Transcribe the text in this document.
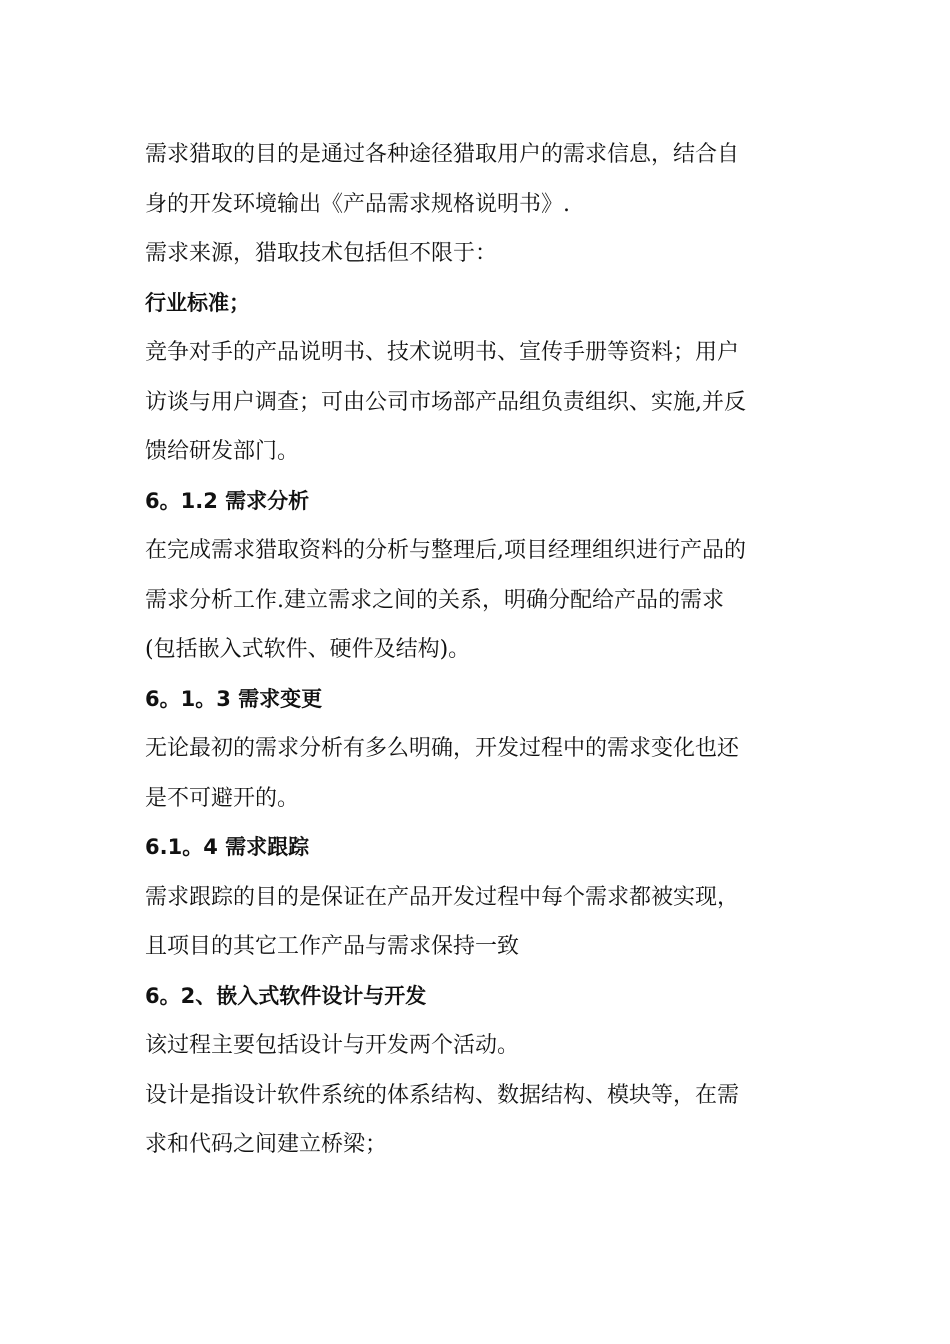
需求猎取的目的是通过各种途径猎取用户的需求信息，结合自
身的开发环境输出《产品需求规格说明书》.
需求来源，猎取技术包括但不限于：
行业标准；
竞争对手的产品说明书、技术说明书、宣传手册等资料；用户
访谈与用户调查；可由公司市场部产品组负责组织、实施,并反
馈给研发部门。
6。1.2 需求分析
在完成需求猎取资料的分析与整理后,项目经理组织进行产品的
需求分析工作.建立需求之间的关系，明确分配给产品的需求
(包括嵌入式软件、硬件及结构)。
6。1。3 需求变更
无论最初的需求分析有多么明确，开发过程中的需求变化也还
是不可避开的。
6.1。4 需求跟踪
需求跟踪的目的是保证在产品开发过程中每个需求都被实现，
且项目的其它工作产品与需求保持一致
6。2、嵌入式软件设计与开发
该过程主要包括设计与开发两个活动。
设计是指设计软件系统的体系结构、数据结构、模块等，在需
求和代码之间建立桥梁；
